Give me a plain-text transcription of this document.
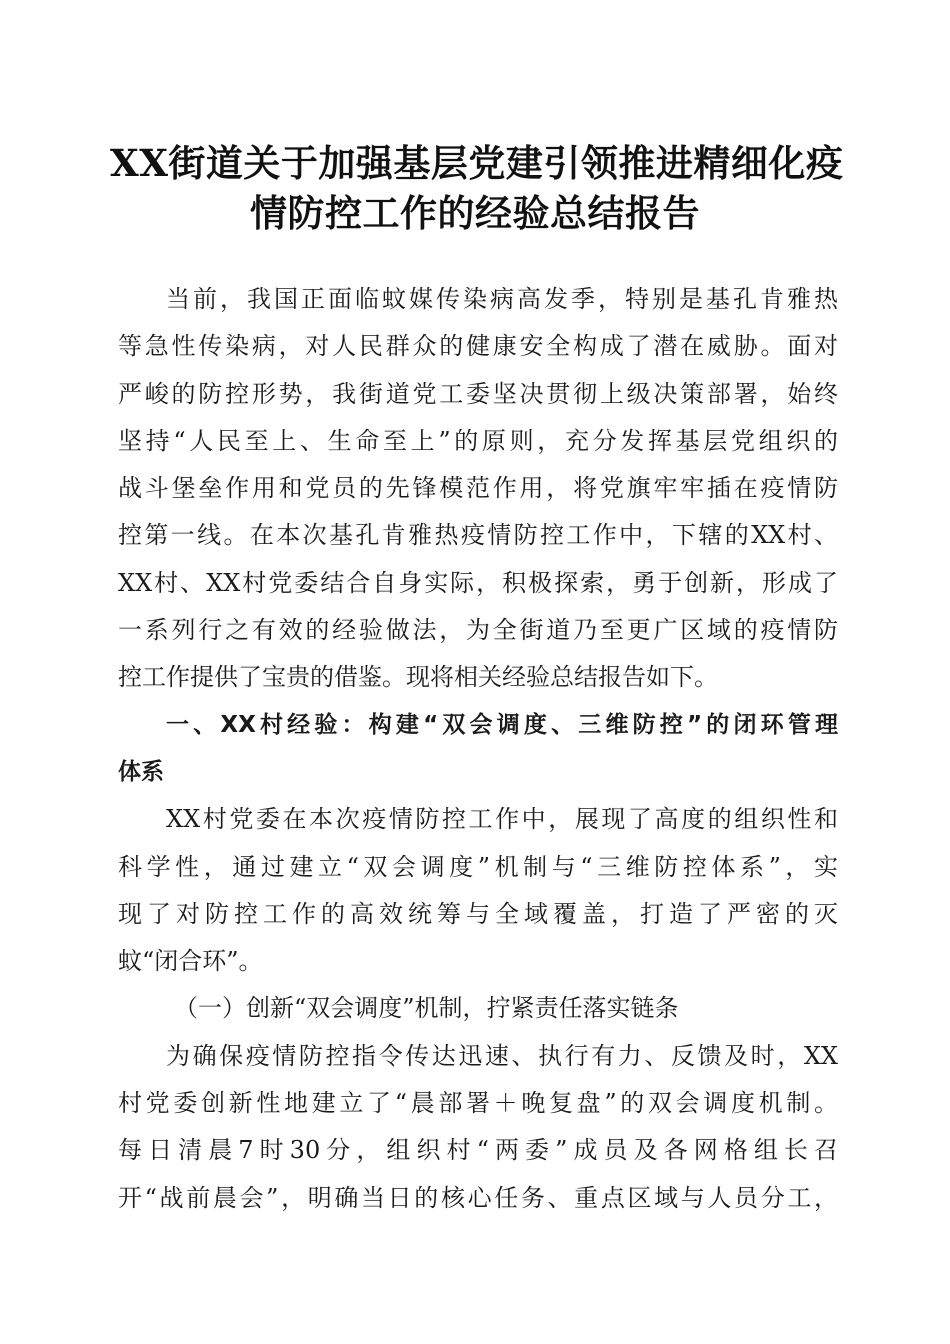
XX街道关于加强基层党建引领推进精细化疫
情防控工作的经验总结报告

当前，我国正面临蚊媒传染病高发季，特别是基孔肯雅热

等急性传染病，对人民群众的健康安全构成了潜在威胁。面对

严峻的防控形势，我街道党工委坚决贯彻上级决策部署，始终

坚持“人民至上、生命至上”的原则，充分发挥基层党组织的

战斗堡垒作用和党员的先锋模范作用，将党旗牢牢插在疫情防

控第一线。在本次基孔肯雅热疫情防控工作中，下辖的XX村、

XX村、XX村党委结合自身实际，积极探索，勇于创新，形成了

一系列行之有效的经验做法，为全街道乃至更广区域的疫情防

控工作提供了宝贵的借鉴。现将相关经验总结报告如下。

一、XX村经验：构建“双会调度、三维防控”的闭环管理

体系

XX村党委在本次疫情防控工作中，展现了高度的组织性和

科学性，通过建立“双会调度”机制与“三维防控体系”，实

现了对防控工作的高效统筹与全域覆盖，打造了严密的灭

蚊“闭合环”。

（一）创新“双会调度”机制，拧紧责任落实链条

为确保疫情防控指令传达迅速、执行有力、反馈及时，XX

村党委创新性地建立了“晨部署＋晚复盘”的双会调度机制。

每日清晨7时30分，组织村“两委”成员及各网格组长召

开“战前晨会”，明确当日的核心任务、重点区域与人员分工，
